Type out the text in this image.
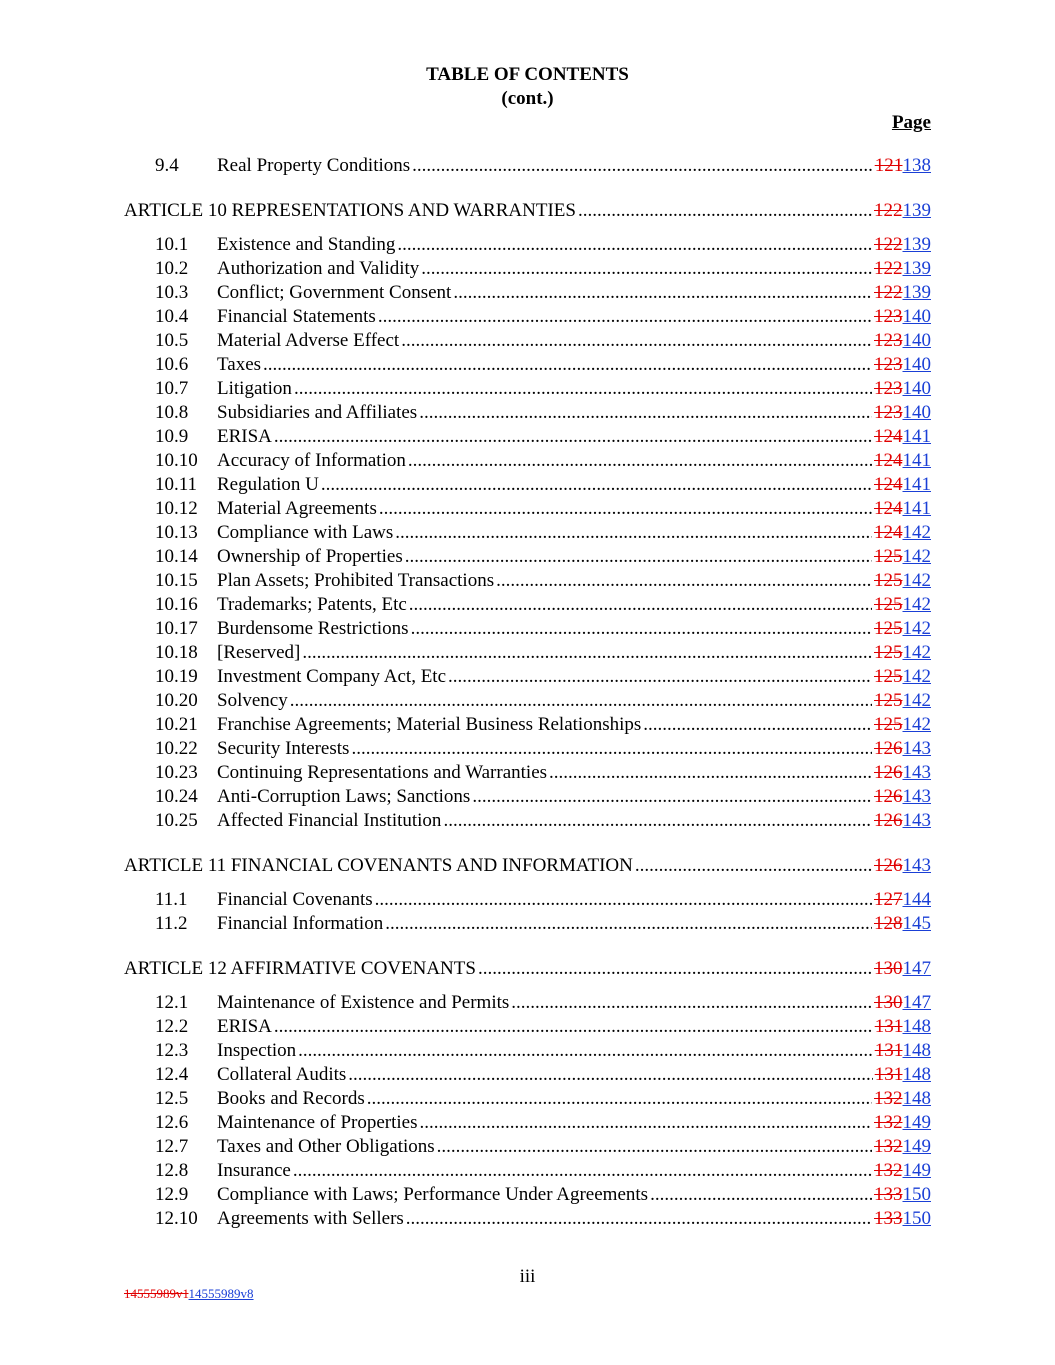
TABLE OF CONTENTS
(cont.)
Page
9.4	Real Property Conditions .....	121138
ARTICLE 10 REPRESENTATIONS AND WARRANTIES .....	122139
10.1	Existence and Standing .....	122139
10.2	Authorization and Validity .....	122139
10.3	Conflict; Government Consent .....	122139
10.4	Financial Statements .....	123140
10.5	Material Adverse Effect .....	123140
10.6	Taxes .....	123140
10.7	Litigation .....	123140
10.8	Subsidiaries and Affiliates .....	123140
10.9	ERISA .....	124141
10.10	Accuracy of Information .....	124141
10.11	Regulation U .....	124141
10.12	Material Agreements .....	124141
10.13	Compliance with Laws .....	124142
10.14	Ownership of Properties .....	125142
10.15	Plan Assets; Prohibited Transactions .....	125142
10.16	Trademarks; Patents, Etc .....	125142
10.17	Burdensome Restrictions .....	125142
10.18	[Reserved] .....	125142
10.19	Investment Company Act, Etc .....	125142
10.20	Solvency .....	125142
10.21	Franchise Agreements; Material Business Relationships .....	125142
10.22	Security Interests .....	126143
10.23	Continuing Representations and Warranties .....	126143
10.24	Anti-Corruption Laws; Sanctions .....	126143
10.25	Affected Financial Institution .....	126143
ARTICLE 11 FINANCIAL COVENANTS AND INFORMATION .....	126143
11.1	Financial Covenants .....	127144
11.2	Financial Information .....	128145
ARTICLE 12 AFFIRMATIVE COVENANTS .....	130147
12.1	Maintenance of Existence and Permits .....	130147
12.2	ERISA .....	131148
12.3	Inspection .....	131148
12.4	Collateral Audits .....	131148
12.5	Books and Records .....	132148
12.6	Maintenance of Properties .....	132149
12.7	Taxes and Other Obligations .....	132149
12.8	Insurance .....	132149
12.9	Compliance with Laws; Performance Under Agreements .....	133150
12.10	Agreements with Sellers .....	133150
iii
14555989v114555989v8
